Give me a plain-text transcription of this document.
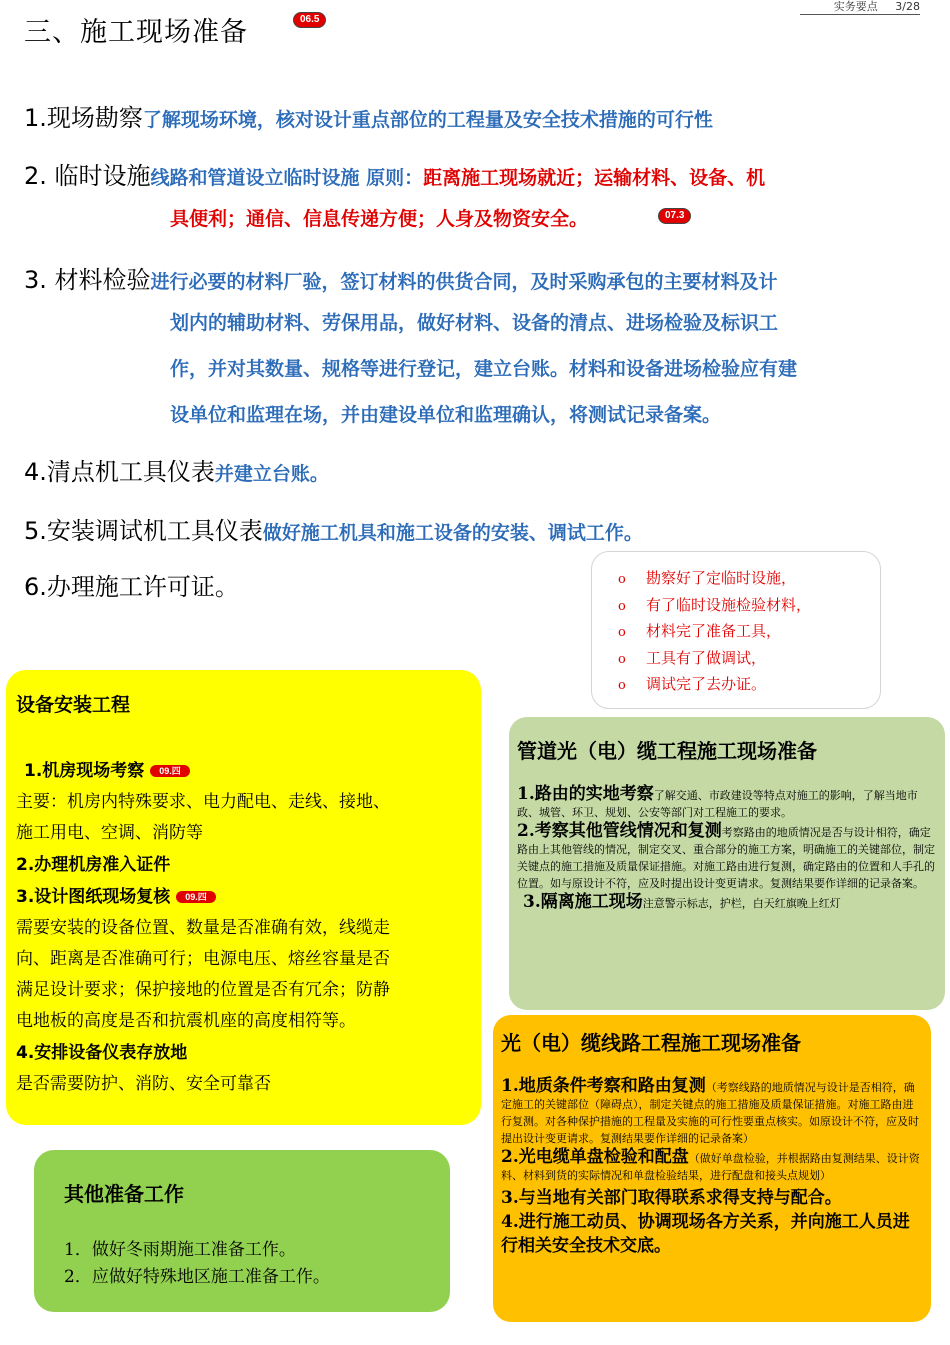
实务要点 3/28
三、施工现场准备	06.5
1.现场勘察了解现场环境，核对设计重点部位的工程量及安全技术措施的可行性
2. 临时设施线路和管道设立临时设施 原则：距离施工现场就近；运输材料、设备、机
具便利；通信、信息传递方便；人身及物资安全。	07.3
3. 材料检验进行必要的材料厂验，签订材料的供货合同，及时采购承包的主要材料及计
划内的辅助材料、劳保用品，做好材料、设备的清点、进场检验及标识工
作，并对其数量、规格等进行登记，建立台账。材料和设备进场检验应有建
设单位和监理在场，并由建设单位和监理确认，将测试记录备案。
4.清点机工具仪表并建立台账。
5.安装调试机工具仪表做好施工机具和施工设备的安装、调试工作。
6.办理施工许可证。	o 勘察好了定临时设施，
o 有了临时设施检验材料，
o 材料完了准备工具，
o 工具有了做调试，
o 调试完了去办证。
设备安装工程
1.机房现场考察 09.四
主要：机房内特殊要求、电力配电、走线、接地、
施工用电、空调、消防等
2.办理机房准入证件
3.设计图纸现场复核 09.四
需要安装的设备位置、数量是否准确有效，线缆走
向、距离是否准确可行；电源电压、熔丝容量是否
满足设计要求；保护接地的位置是否有冗余；防静
电地板的高度是否和抗震机座的高度相符等。
4.安排设备仪表存放地
是否需要防护、消防、安全可靠否
管道光（电）缆工程施工现场准备
1.路由的实地考察了解交通、市政建设等特点对施工的影响，了解当地市政、城管、环卫、规划、公安等部门对工程施工的要求。
2.考察其他管线情况和复测考察路由的地质情况是否与设计相符，确定路由上其他管线的情况，制定交叉、重合部分的施工方案，明确施工的关键部位，制定关键点的施工措施及质量保证措施。对施工路由进行复测，确定路由的位置和人手孔的位置。如与原设计不符，应及时提出设计变更请求。复测结果要作详细的记录备案。
3.隔离施工现场注意警示标志，护栏，白天红旗晚上红灯
光（电）缆线路工程施工现场准备
1.地质条件考察和路由复测（考察线路的地质情况与设计是否相符，确定施工的关键部位（障碍点），制定关键点的施工措施及质量保证措施。对施工路由进行复测。对各种保护措施的工程量及实施的可行性要重点核实。如原设计不符，应及时提出设计变更请求。复测结果要作详细的记录备案）
2.光电缆单盘检验和配盘（做好单盘检验，并根据路由复测结果、设计资料、材料到货的实际情况和单盘检验结果，进行配盘和接头点规划）
3.与当地有关部门取得联系求得支持与配合。
4.进行施工动员、协调现场各方关系，并向施工人员进行相关安全技术交底。
其他准备工作
1．做好冬雨期施工准备工作。
2．应做好特殊地区施工准备工作。
